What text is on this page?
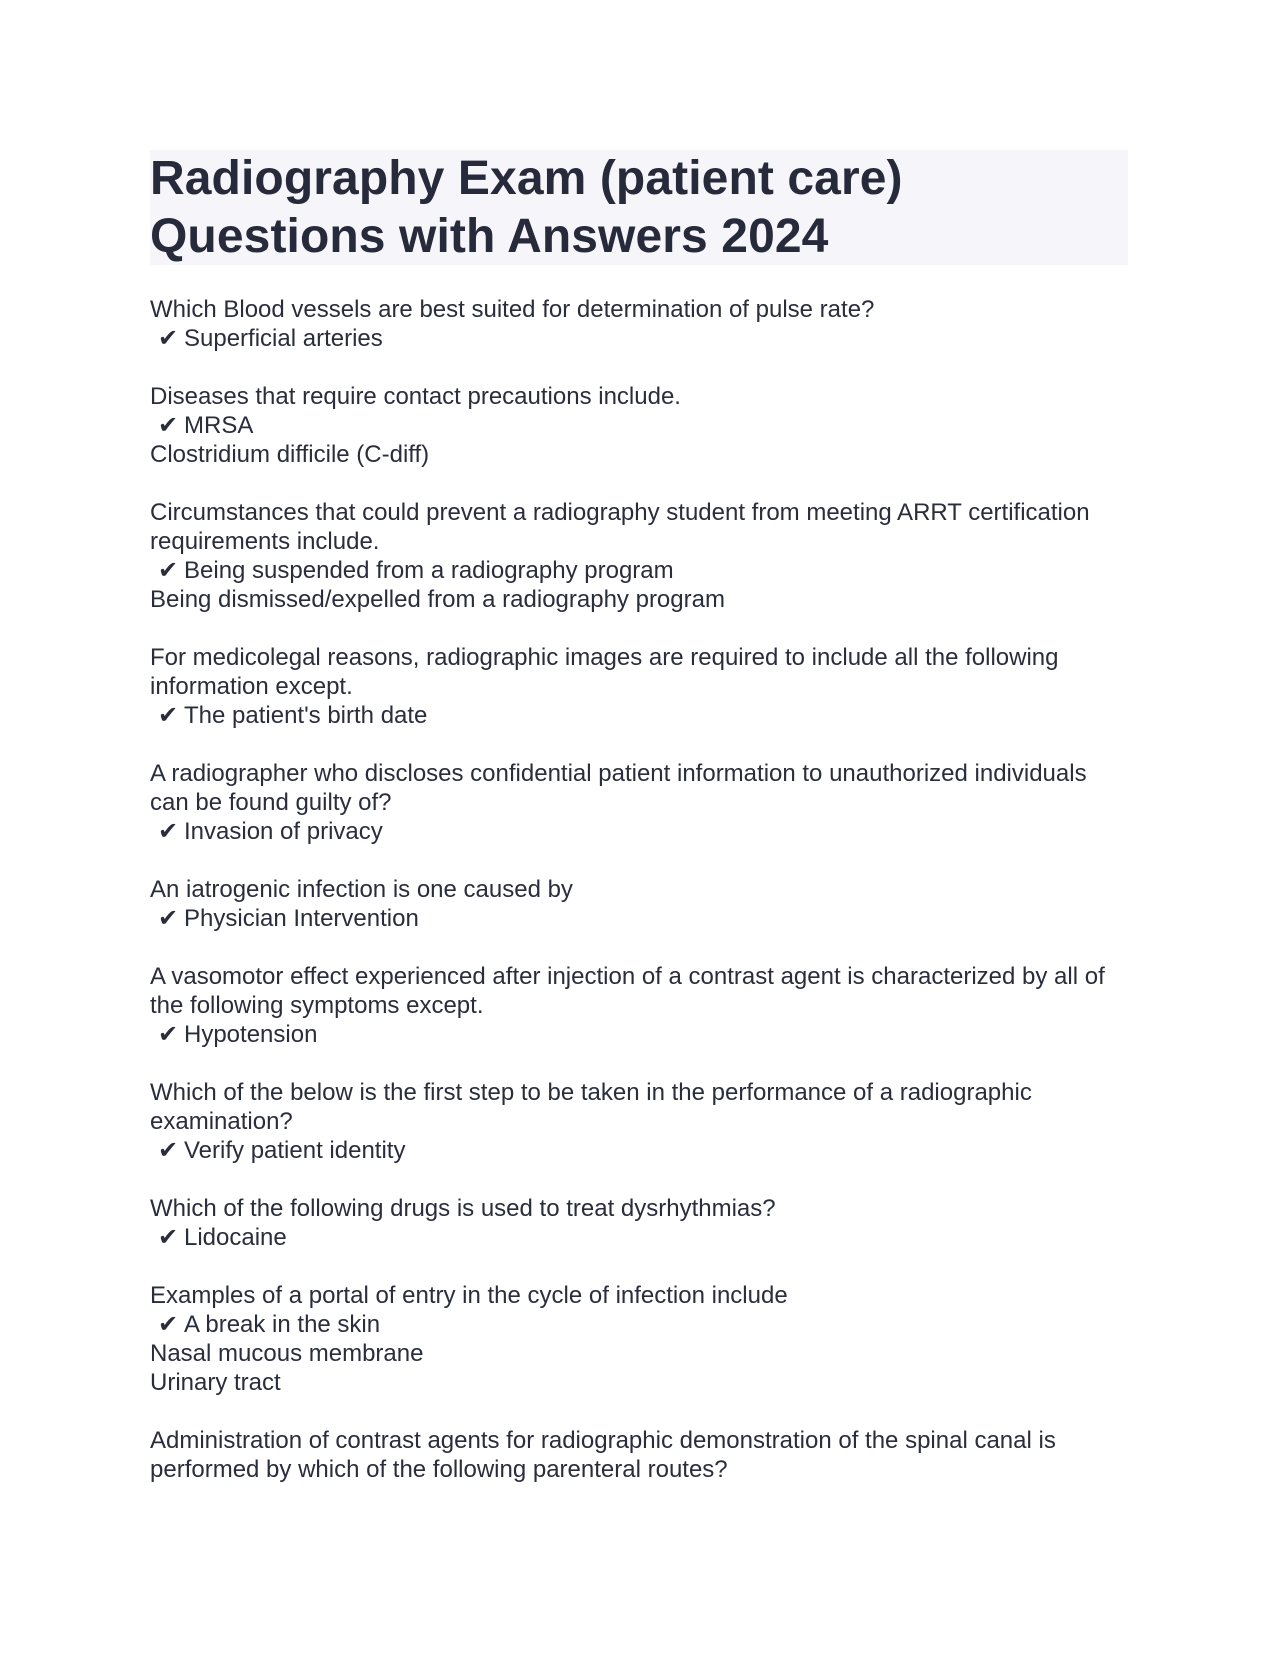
Radiography Exam (patient care) Questions with Answers 2024
Which Blood vessels are best suited for determination of pulse rate?
✔ Superficial arteries
Diseases that require contact precautions include.
✔ MRSA
Clostridium difficile (C-diff)
Circumstances that could prevent a radiography student from meeting ARRT certification requirements include.
✔ Being suspended from a radiography program
Being dismissed/expelled from a radiography program
For medicolegal reasons, radiographic images are required to include all the following information except.
✔ The patient's birth date
A radiographer who discloses confidential patient information to unauthorized individuals can be found guilty of?
✔ Invasion of privacy
An iatrogenic infection is one caused by
✔ Physician Intervention
A vasomotor effect experienced after injection of a contrast agent is characterized by all of the following symptoms except.
✔ Hypotension
Which of the below is the first step to be taken in the performance of a radiographic examination?
✔ Verify patient identity
Which of the following drugs is used to treat dysrhythmias?
✔ Lidocaine
Examples of a portal of entry in the cycle of infection include
✔ A break in the skin
Nasal mucous membrane
Urinary tract
Administration of contrast agents for radiographic demonstration of the spinal canal is performed by which of the following parenteral routes?
